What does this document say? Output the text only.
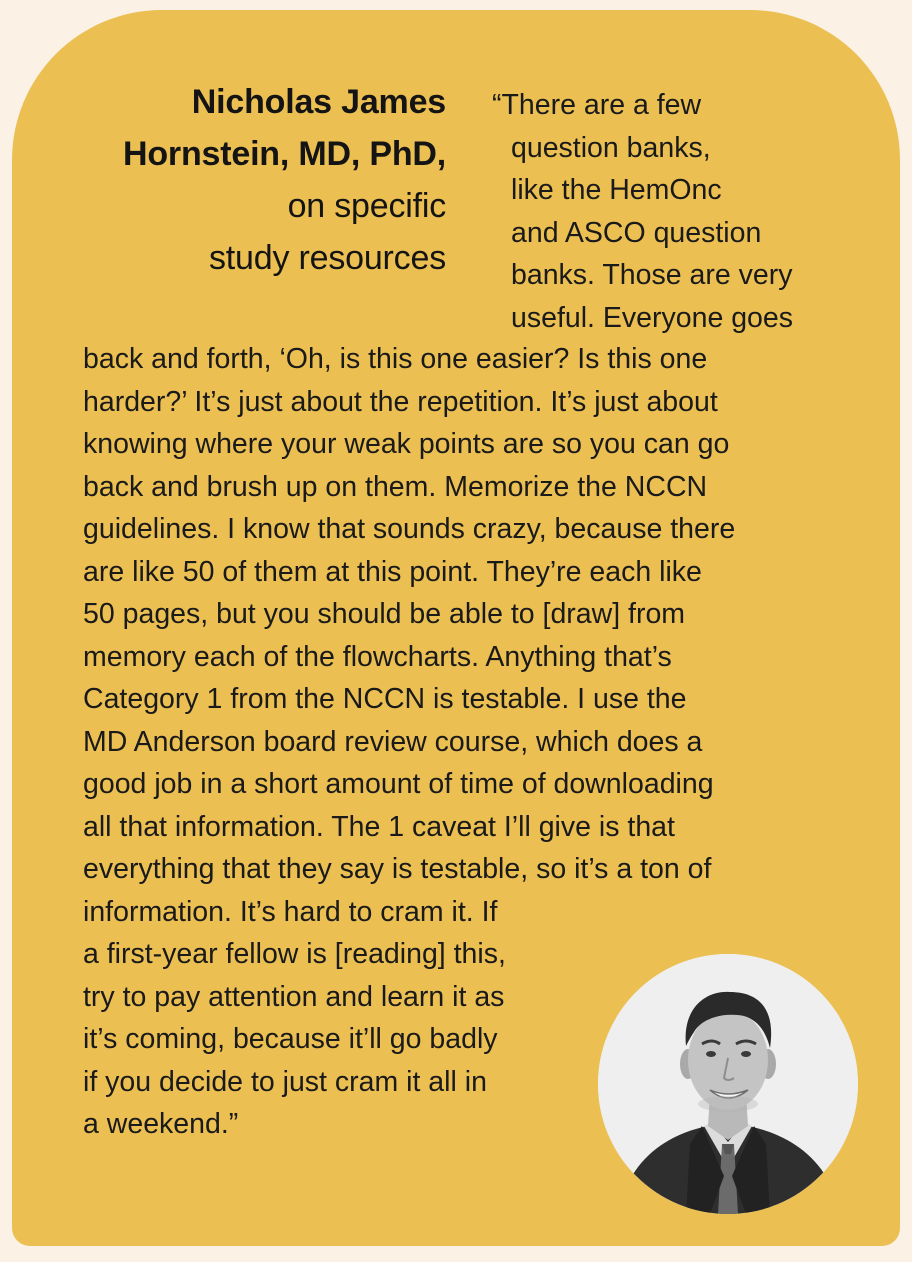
Nicholas James
Hornstein, MD, PhD,
on specific
study resources
“There are a few
question banks,
like the HemOnc
and ASCO question
banks. Those are very
useful. Everyone goes
back and forth, ‘Oh, is this one easier? Is this one
harder?’ It’s just about the repetition. It’s just about
knowing where your weak points are so you can go
back and brush up on them. Memorize the NCCN
guidelines. I know that sounds crazy, because there
are like 50 of them at this point. They’re each like
50 pages, but you should be able to [draw] from
memory each of the flowcharts. Anything that’s
Category 1 from the NCCN is testable. I use the
MD Anderson board review course, which does a
good job in a short amount of time of downloading
all that information. The 1 caveat I’ll give is that
everything that they say is testable, so it’s a ton of
information. It’s hard to cram it. If
a first-year fellow is [reading] this,
try to pay attention and learn it as
it’s coming, because it’ll go badly
if you decide to just cram it all in
a weekend.”
